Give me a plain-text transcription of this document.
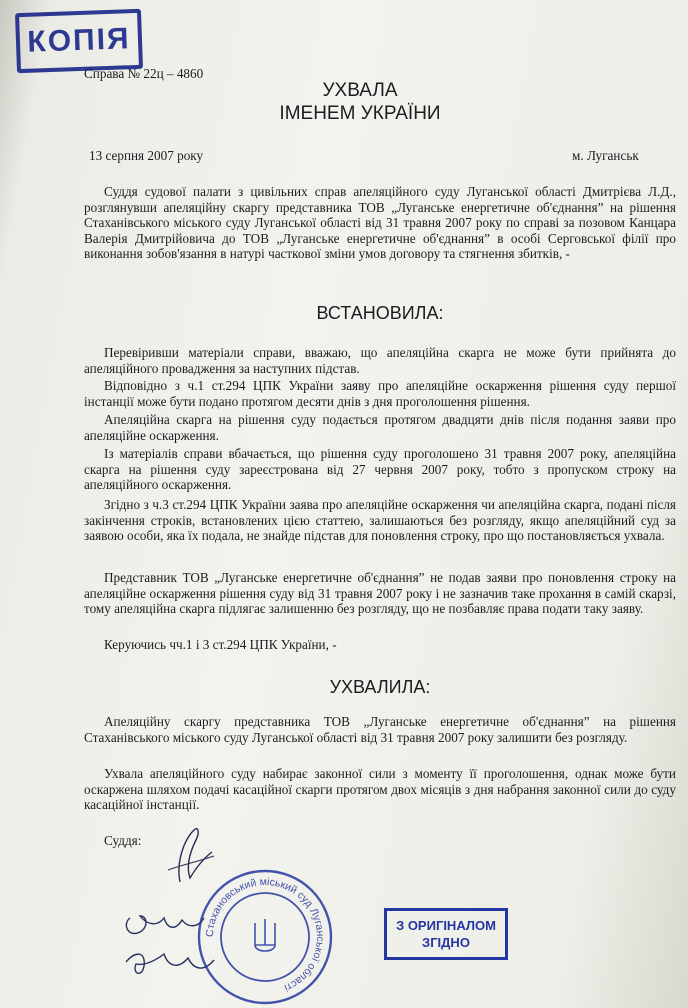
КОПІЯ
Справа № 22ц – 4860
УХВАЛА
ІМЕНЕМ УКРАЇНИ
13 серпня 2007 року	м. Луганськ

Суддя судової палати з цивільних справ апеляційного суду Луганської області Дмитрієва Л.Д., розглянувши апеляційну скаргу представника ТОВ „Луганське енергетичне об'єднання” на рішення Стаханівського міського суду Луганської області від 31 травня 2007 року по справі за позовом Канцара Валерія Дмитрійовича до ТОВ „Луганське енергетичне об'єднання” в особі Серговської філії про виконання зобов'язання в натурі часткової зміни умов договору та стягнення збитків, -

ВСТАНОВИЛА:

Перевіривши матеріали справи, вважаю, що апеляційна скарга не може бути прийнята до апеляційного провадження за наступних підстав.

Відповідно з ч.1 ст.294 ЦПК України заяву про апеляційне оскарження рішення суду першої інстанції може бути подано протягом десяти днів з дня проголошення рішення.

Апеляційна скарга на рішення суду подається протягом двадцяти днів після подання заяви про апеляційне оскарження.

Із матеріалів справи вбачається, що рішення суду проголошено 31 травня 2007 року, апеляційна скарга на рішення суду зареєстрована від 27 червня 2007 року, тобто з пропуском строку на апеляційного оскарження.

Згідно з ч.3 ст.294 ЦПК України заява про апеляційне оскарження чи апеляційна скарга, подані після закінчення строків, встановлених цією статтею, залишаються без розгляду, якщо апеляційний суд за заявою особи, яка їх подала, не знайде підстав для поновлення строку, про що постановляється ухвала.

Представник ТОВ „Луганське енергетичне об'єднання” не подав заяви про поновлення строку на апеляційне оскарження рішення суду від 31 травня 2007 року і не зазначив таке прохання в самій скарзі, тому апеляційна скарга підлягає залишенню без розгляду, що не позбавляє права подати таку заяву.

Керуючись чч.1 і 3 ст.294 ЦПК України, -

УХВАЛИЛА:

Апеляційну скаргу представника ТОВ „Луганське енергетичне об'єднання” на рішення Стаханівського міського суду Луганської області від 31 травня 2007 року залишити без розгляду.

Ухвала апеляційного суду набирає законної сили з моменту її проголошення, однак може бути оскаржена шляхом подачі касаційної скарги протягом двох місяців з дня набрання законної сили до суду касаційної інстанції.

Суддя:
Стахановський міський суд Луганської області
З ОРИГІНАЛОМ
ЗГІДНО
